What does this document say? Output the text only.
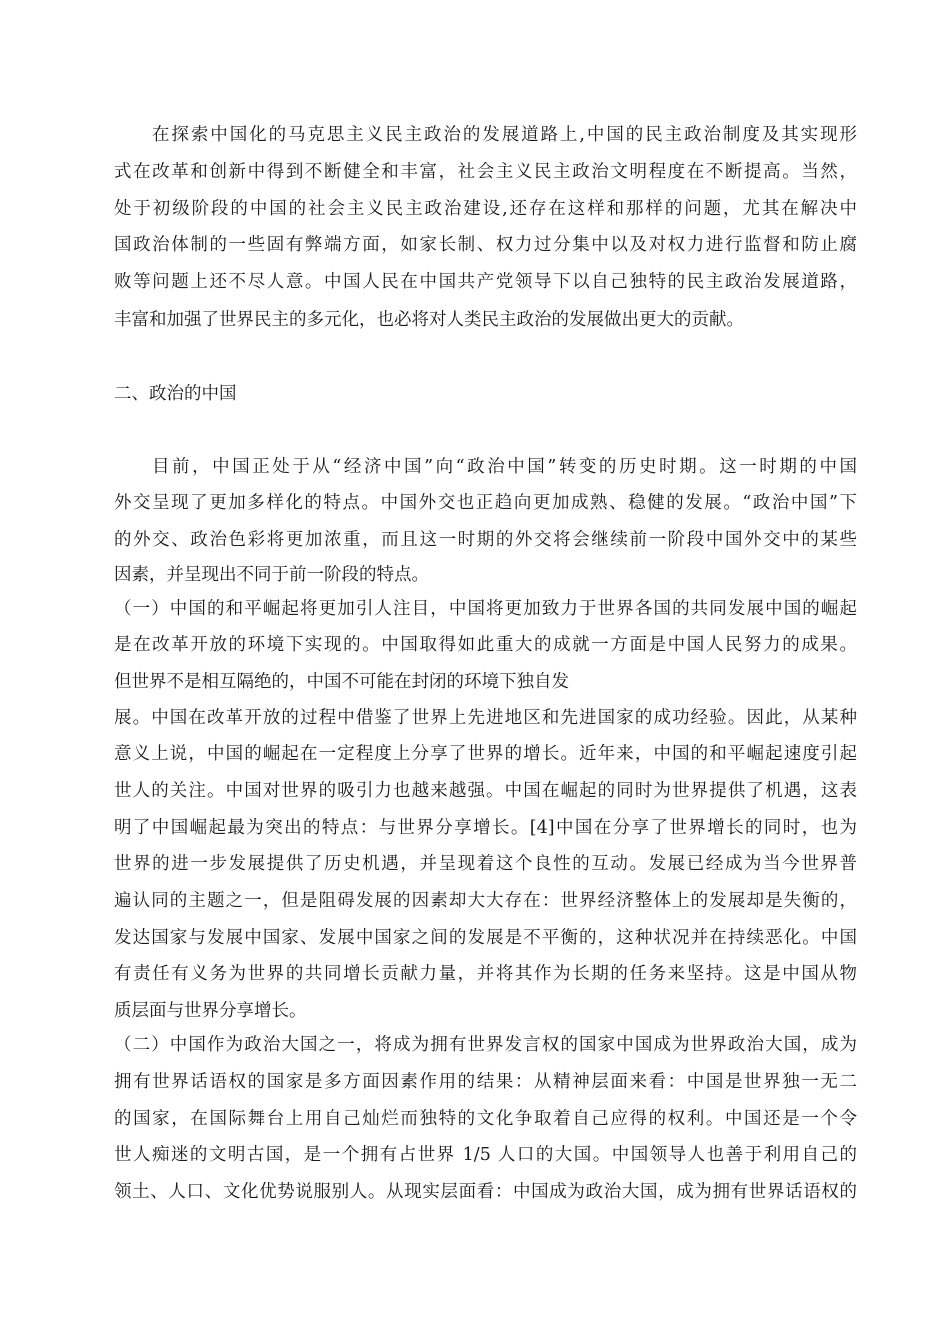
在探索中国化的马克思主义民主政治的发展道路上,中国的民主政治制度及其实现形
式在改革和创新中得到不断健全和丰富，社会主义民主政治文明程度在不断提高。当然，
处于初级阶段的中国的社会主义民主政治建设,还存在这样和那样的问题，尤其在解决中
国政治体制的一些固有弊端方面，如家长制、权力过分集中以及对权力进行监督和防止腐
败等问题上还不尽人意。中国人民在中国共产党领导下以自己独特的民主政治发展道路，
丰富和加强了世界民主的多元化，也必将对人类民主政治的发展做出更大的贡献。
二、政治的中国
目前，中国正处于从“经济中国”向“政治中国”转变的历史时期。这一时期的中国
外交呈现了更加多样化的特点。中国外交也正趋向更加成熟、稳健的发展。“政治中国”下
的外交、政治色彩将更加浓重，而且这一时期的外交将会继续前一阶段中国外交中的某些
因素，并呈现出不同于前一阶段的特点。
（一）中国的和平崛起将更加引人注目，中国将更加致力于世界各国的共同发展中国的崛起
是在改革开放的环境下实现的。中国取得如此重大的成就一方面是中国人民努力的成果。
但世界不是相互隔绝的，中国不可能在封闭的环境下独自发
展。中国在改革开放的过程中借鉴了世界上先进地区和先进国家的成功经验。因此，从某种
意义上说，中国的崛起在一定程度上分享了世界的增长。近年来，中国的和平崛起速度引起
世人的关注。中国对世界的吸引力也越来越强。中国在崛起的同时为世界提供了机遇，这表
明了中国崛起最为突出的特点：与世界分享增长。[4]中国在分享了世界增长的同时，也为
世界的进一步发展提供了历史机遇，并呈现着这个良性的互动。发展已经成为当今世界普
遍认同的主题之一，但是阻碍发展的因素却大大存在：世界经济整体上的发展却是失衡的，
发达国家与发展中国家、发展中国家之间的发展是不平衡的，这种状况并在持续恶化。中国
有责任有义务为世界的共同增长贡献力量，并将其作为长期的任务来坚持。这是中国从物
质层面与世界分享增长。
（二）中国作为政治大国之一，将成为拥有世界发言权的国家中国成为世界政治大国，成为
拥有世界话语权的国家是多方面因素作用的结果：从精神层面来看：中国是世界独一无二
的国家，在国际舞台上用自己灿烂而独特的文化争取着自己应得的权利。中国还是一个令
世人痴迷的文明古国，是一个拥有占世界 1/5 人口的大国。中国领导人也善于利用自己的
领土、人口、文化优势说服别人。从现实层面看：中国成为政治大国，成为拥有世界话语权的
